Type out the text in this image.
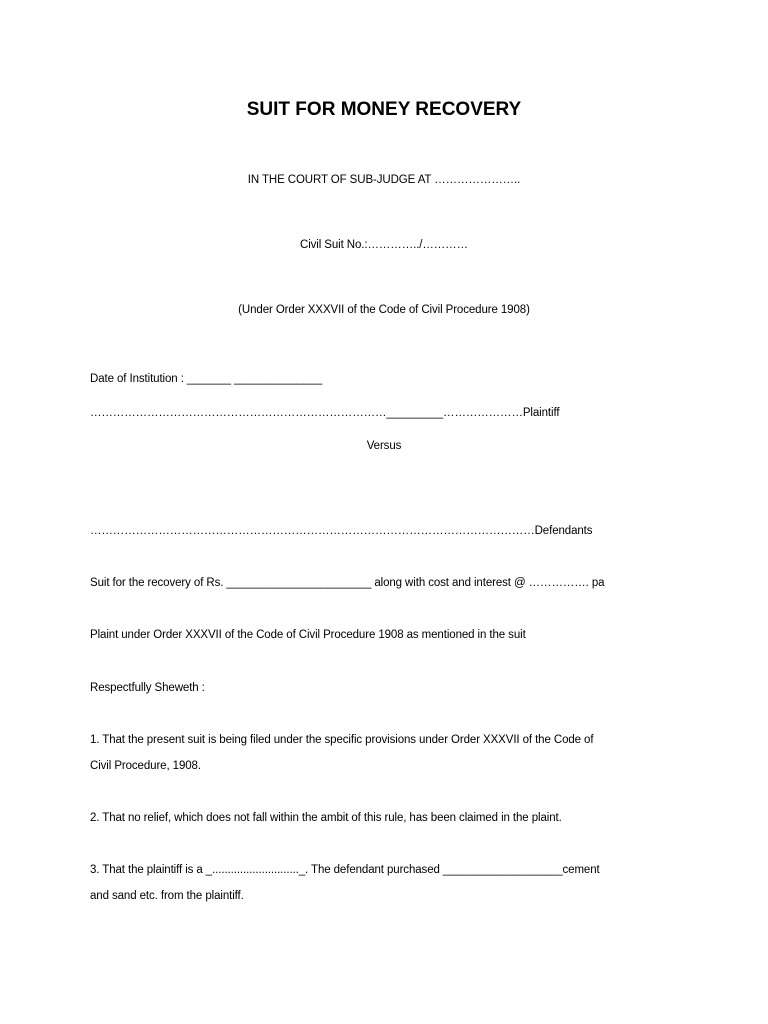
SUIT FOR MONEY RECOVERY
IN THE COURT OF SUB-JUDGE AT …………………..
Civil Suit No.:…………../…………
(Under Order XXXVII of the Code of Civil Procedure 1908)
Date of Institution : _______ ______________
……………………………………………………………………_________…………………Plaintiff
Versus
………………………………………………………………………………………………………Defendants
Suit for the recovery of Rs. _______________________ along with cost and interest @ ……………. pa
Plaint under Order XXXVII of the Code of Civil Procedure 1908 as mentioned in the suit
Respectfully Sheweth :
1. That the present suit is being filed under the specific provisions under Order XXXVII of the Code of
Civil Procedure, 1908.
2. That no relief, which does not fall within the ambit of this rule, has been claimed in the plaint.
3. That the plaintiff is a _............................_. The defendant purchased ___________________cement
and sand etc. from the plaintiff.
